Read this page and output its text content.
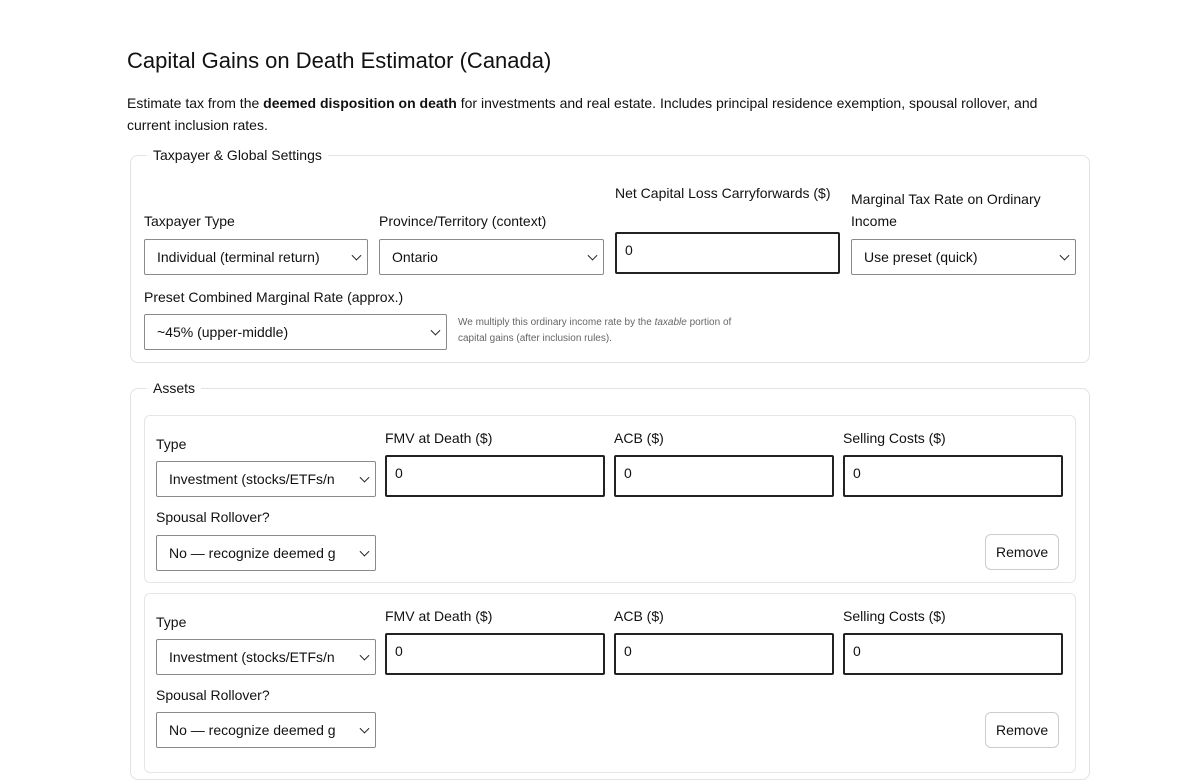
Capital Gains on Death Estimator (Canada)

Estimate tax from the deemed disposition on death for investments and real estate. Includes principal residence exemption, spousal rollover, and current inclusion rates.

Taxpayer & Global Settings
Taxpayer Type
Individual (terminal return)
Province/Territory (context)
Ontario
Net Capital Loss Carryforwards ($)
0
Marginal Tax Rate on Ordinary Income
Use preset (quick)
Preset Combined Marginal Rate (approx.)
~45% (upper-middle)
We multiply this ordinary income rate by the taxable portion of capital gains (after inclusion rules).
Assets
Type
Investment (stocks/ETFs/n
FMV at Death ($)
0
ACB ($)
0
Selling Costs ($)
0
Spousal Rollover?
No — recognize deemed g	Remove
Type
Investment (stocks/ETFs/n
FMV at Death ($)
0
ACB ($)
0
Selling Costs ($)
0
Spousal Rollover?
No — recognize deemed g	Remove
